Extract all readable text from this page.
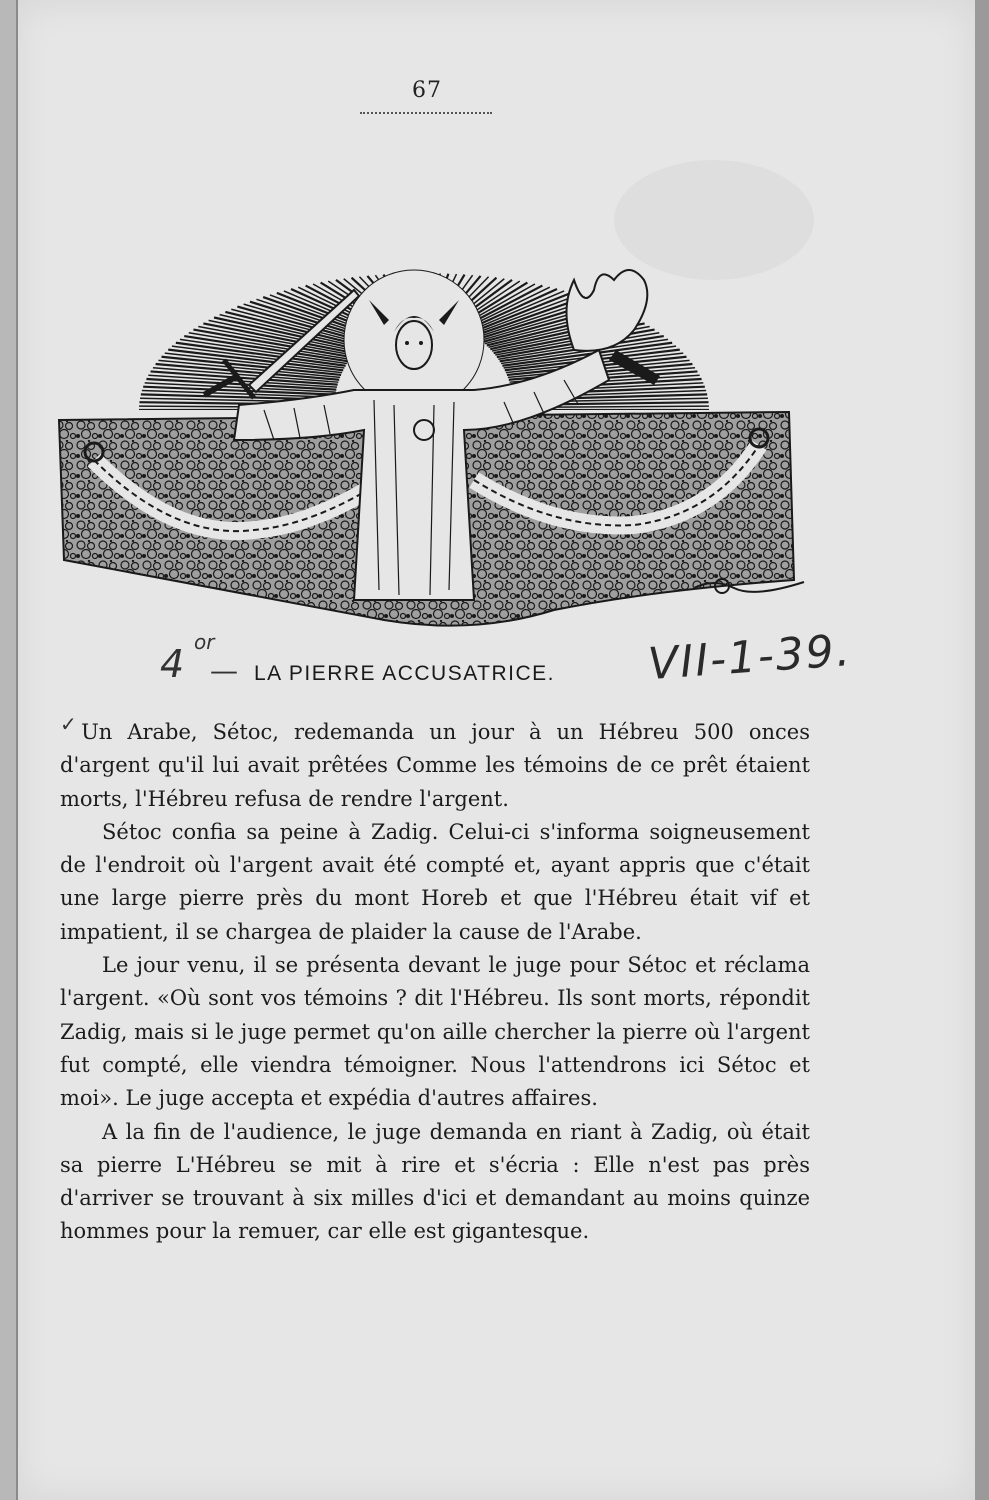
67
4 or
— LA PIERRE ACCUSATRICE. VII-1-39.

✓Un Arabe, Sétoc, redemanda un jour à un Hébreu 500 onces d'argent qu'il lui avait prêtées Comme les témoins de ce prêt étaient morts, l'Hébreu refusa de rendre l'argent.

Sétoc confia sa peine à Zadig. Celui-ci s'informa soigneusement de l'endroit où l'argent avait été compté et, ayant appris que c'était une large pierre près du mont Horeb et que l'Hébreu était vif et impatient, il se chargea de plaider la cause de l'Arabe.

Le jour venu, il se présenta devant le juge pour Sétoc et réclama l'argent. «Où sont vos témoins ? dit l'Hébreu. Ils sont morts, répondit Zadig, mais si le juge permet qu'on aille chercher la pierre où l'argent fut compté, elle viendra témoigner. Nous l'attendrons ici Sétoc et moi». Le juge accepta et expédia d'autres affaires.

A la fin de l'audience, le juge demanda en riant à Zadig, où était sa pierre L'Hébreu se mit à rire et s'écria : Elle n'est pas près d'arriver se trouvant à six milles d'ici et demandant au moins quinze hommes pour la remuer, car elle est gigantesque.
